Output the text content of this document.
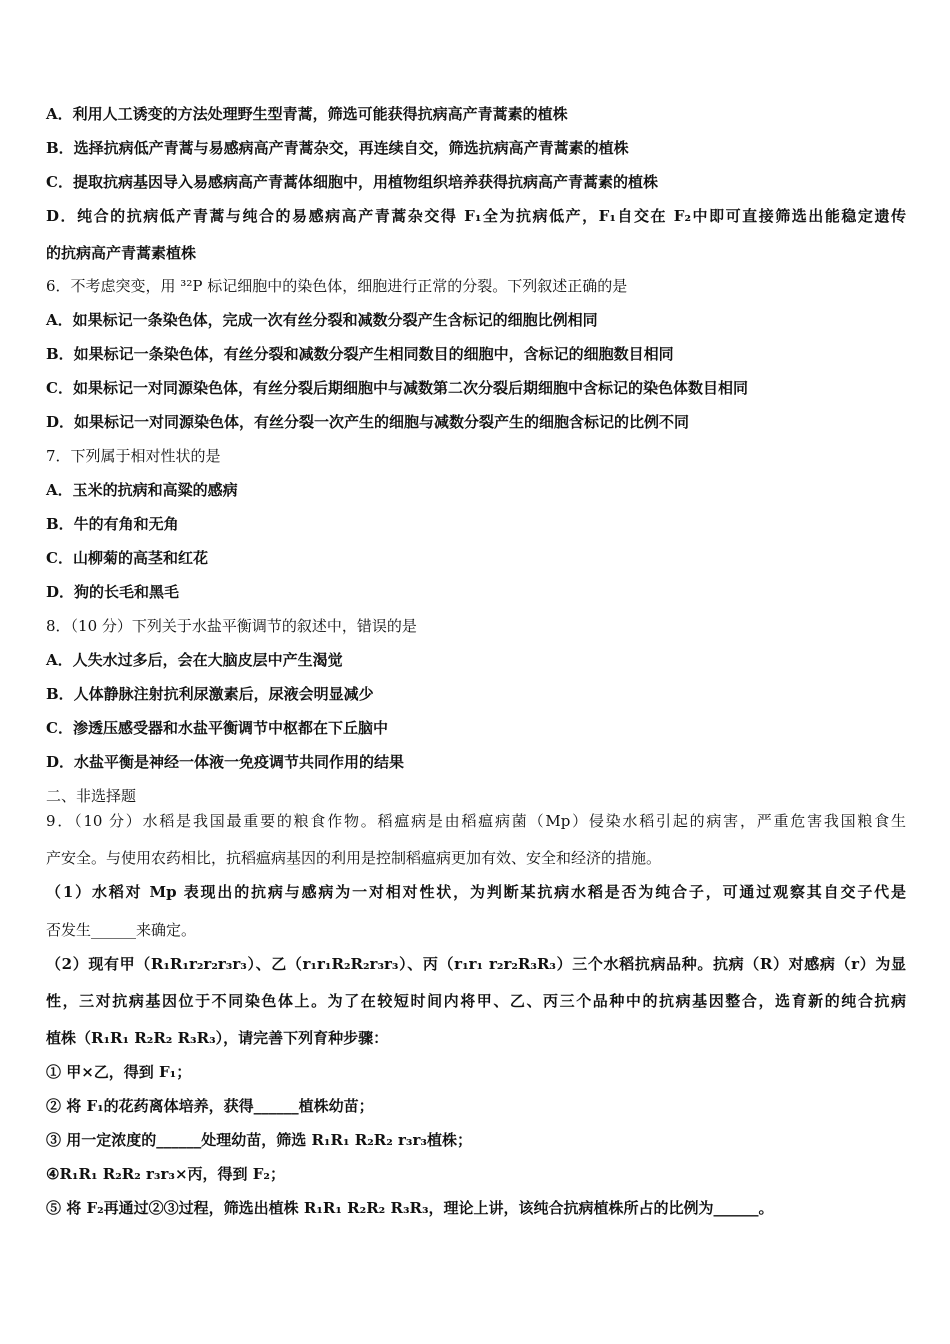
A．利用人工诱变的方法处理野生型青蒿，筛选可能获得抗病高产青蒿素的植株
B．选择抗病低产青蒿与易感病高产青蒿杂交，再连续自交，筛选抗病高产青蒿素的植株
C．提取抗病基因导入易感病高产青蒿体细胞中，用植物组织培养获得抗病高产青蒿素的植株
D．纯合的抗病低产青蒿与纯合的易感病高产青蒿杂交得 F₁全为抗病低产，F₁自交在 F₂中即可直接筛选出能稳定遗传
的抗病高产青蒿素植株
6．不考虑突变，用 ³²P 标记细胞中的染色体，细胞进行正常的分裂。下列叙述正确的是
A．如果标记一条染色体，完成一次有丝分裂和减数分裂产生含标记的细胞比例相同
B．如果标记一条染色体，有丝分裂和减数分裂产生相同数目的细胞中，含标记的细胞数目相同
C．如果标记一对同源染色体，有丝分裂后期细胞中与减数第二次分裂后期细胞中含标记的染色体数目相同
D．如果标记一对同源染色体，有丝分裂一次产生的细胞与减数分裂产生的细胞含标记的比例不同
7．下列属于相对性状的是
A．玉米的抗病和高粱的感病
B．牛的有角和无角
C．山柳菊的高茎和红花
D．狗的长毛和黑毛
8．（10 分）下列关于水盐平衡调节的叙述中，错误的是
A．人失水过多后，会在大脑皮层中产生渴觉
B．人体静脉注射抗利尿激素后，尿液会明显减少
C．渗透压感受器和水盐平衡调节中枢都在下丘脑中
D．水盐平衡是神经一体液一免疫调节共同作用的结果
二、非选择题
9．（10 分）水稻是我国最重要的粮食作物。稻瘟病是由稻瘟病菌（Mp）侵染水稻引起的病害，严重危害我国粮食生
产安全。与使用农药相比，抗稻瘟病基因的利用是控制稻瘟病更加有效、安全和经济的措施。
（1）水稻对 Mp 表现出的抗病与感病为一对相对性状，为判断某抗病水稻是否为纯合子，可通过观察其自交子代是
否发生______来确定。
（2）现有甲（R₁R₁r₂r₂r₃r₃）、乙（r₁r₁R₂R₂r₃r₃）、丙（r₁r₁ r₂r₂R₃R₃）三个水稻抗病品种。抗病（R）对感病（r）为显
性，三对抗病基因位于不同染色体上。为了在较短时间内将甲、乙、丙三个品种中的抗病基因整合，选育新的纯合抗病
植株（R₁R₁ R₂R₂ R₃R₃），请完善下列育种步骤：
① 甲×乙，得到 F₁；
② 将 F₁的花药离体培养，获得______植株幼苗；
③ 用一定浓度的______处理幼苗，筛选 R₁R₁ R₂R₂ r₃r₃植株；
④R₁R₁ R₂R₂ r₃r₃×丙，得到 F₂；
⑤ 将 F₂再通过②③过程，筛选出植株 R₁R₁ R₂R₂ R₃R₃，理论上讲，该纯合抗病植株所占的比例为______。
